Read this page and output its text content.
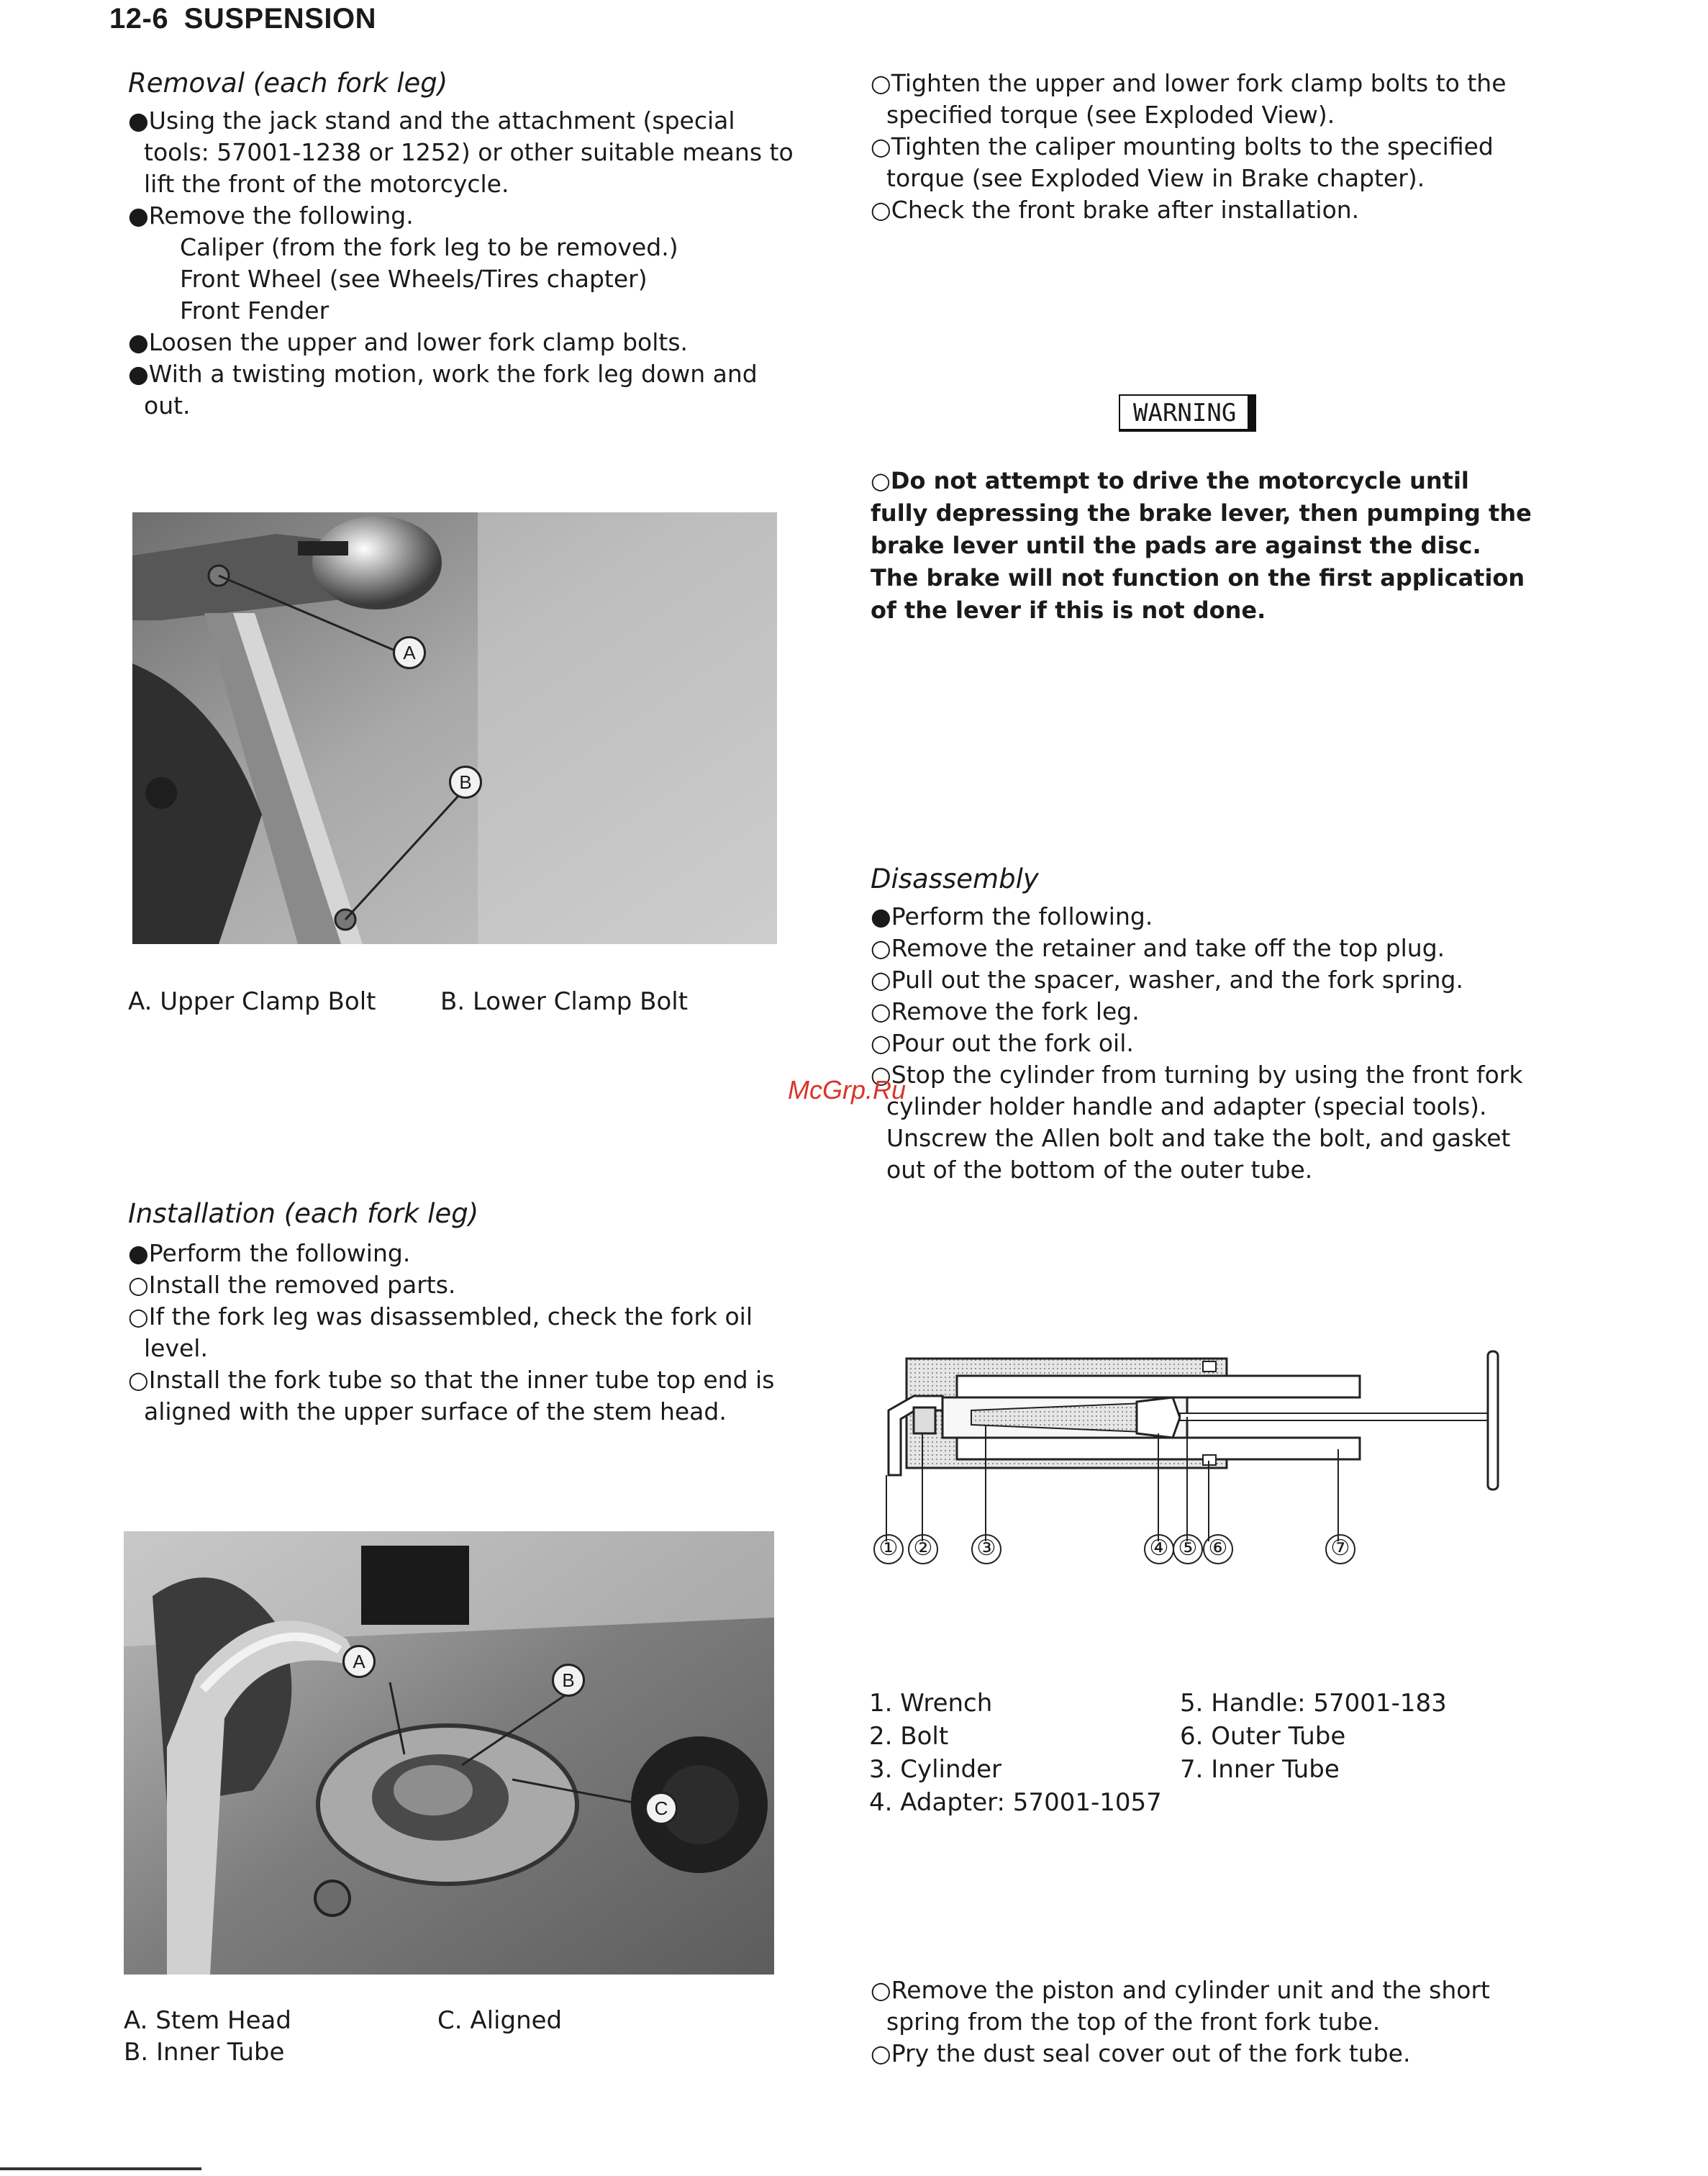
12-6 SUSPENSION
Removal (each fork leg)

●Using the jack stand and the attachment (special tools: 57001-1238 or 1252) or other suitable means to lift the front of the motorcycle.

●Remove the following.

Caliper (from the fork leg to be removed.)

Front Wheel (see Wheels/Tires chapter)

Front Fender

●Loosen the upper and lower fork clamp bolts.

●With a twisting motion, work the fork leg down and out.

A
B
A. Upper Clamp Bolt	B. Lower Clamp Bolt
Installation (each fork leg)

●Perform the following.

○Install the removed parts.

○If the fork leg was disassembled, check the fork oil level.

○Install the fork tube so that the inner tube top end is aligned with the upper surface of the stem head.

A
B
C
A. Stem Head
B. Inner Tube
C. Aligned

○Tighten the upper and lower fork clamp bolts to the specified torque (see Exploded View).

○Tighten the caliper mounting bolts to the specified torque (see Exploded View in Brake chapter).

○Check the front brake after installation.

WARNING
○Do not attempt to drive the motorcycle until fully depressing the brake lever, then pumping the brake lever until the pads are against the disc. The brake will not function on the first application of the lever if this is not done.
Disassembly

●Perform the following.

○Remove the retainer and take off the top plug.

○Pull out the spacer, washer, and the fork spring.

○Remove the fork leg.

○Pour out the fork oil.

○Stop the cylinder from turning by using the front fork cylinder holder handle and adapter (special tools). Unscrew the Allen bolt and take the bolt, and gasket out of the bottom of the outer tube.

McGrp.Ru
① ② ③	④ ⑤ ⑥	⑦
1. Wrench
2. Bolt
3. Cylinder
4. Adapter: 57001-1057
5. Handle: 57001-183
6. Outer Tube
7. Inner Tube

○Remove the piston and cylinder unit and the short spring from the top of the front fork tube.

○Pry the dust seal cover out of the fork tube.
